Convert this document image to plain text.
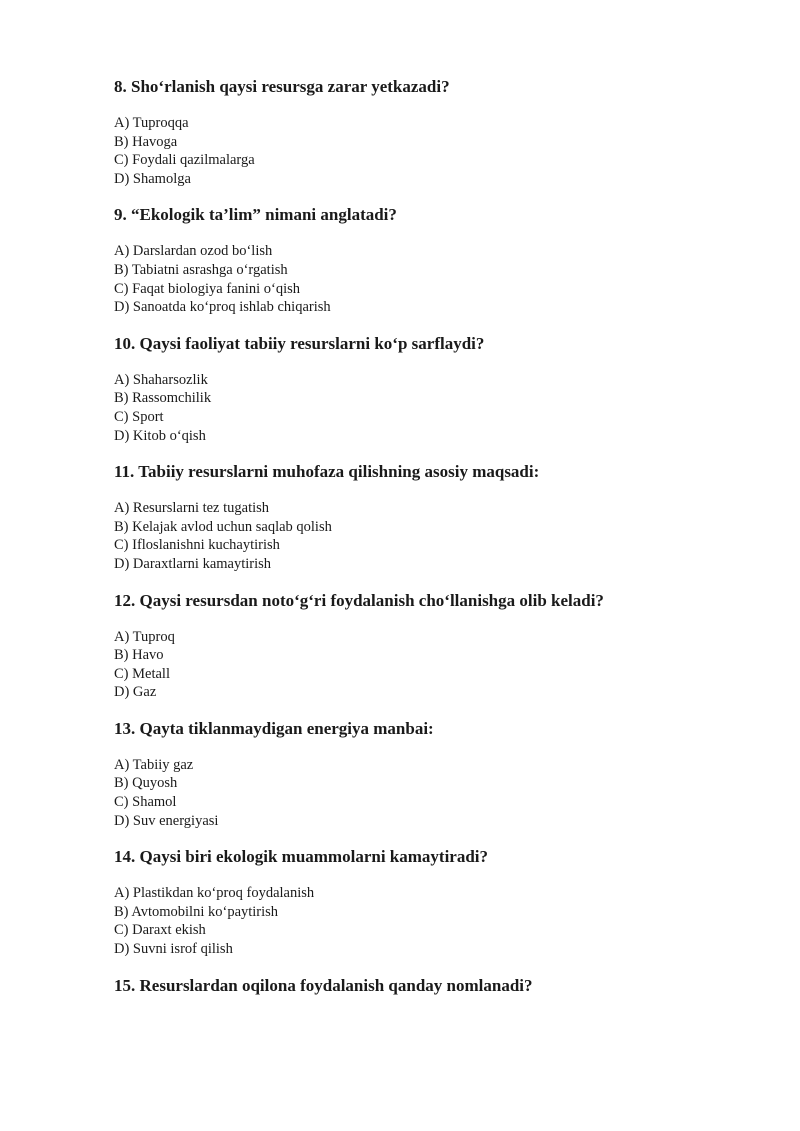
8. Sho‘rlanish qaysi resursga zarar yetkazadi?

A) Tuproqqa
B) Havoga
C) Foydali qazilmalarga
D) Shamolga

9. “Ekologik ta’lim” nimani anglatadi?

A) Darslardan ozod bo‘lish
B) Tabiatni asrashga o‘rgatish
C) Faqat biologiya fanini o‘qish
D) Sanoatda ko‘proq ishlab chiqarish

10. Qaysi faoliyat tabiiy resurslarni ko‘p sarflaydi?

A) Shaharsozlik
B) Rassomchilik
C) Sport
D) Kitob o‘qish

11. Tabiiy resurslarni muhofaza qilishning asosiy maqsadi:

A) Resurslarni tez tugatish
B) Kelajak avlod uchun saqlab qolish
C) Ifloslanishni kuchaytirish
D) Daraxtlarni kamaytirish

12. Qaysi resursdan noto‘g‘ri foydalanish cho‘llanishga olib keladi?

A) Tuproq
B) Havo
C) Metall
D) Gaz

13. Qayta tiklanmaydigan energiya manbai:

A) Tabiiy gaz
B) Quyosh
C) Shamol
D) Suv energiyasi

14. Qaysi biri ekologik muammolarni kamaytiradi?

A) Plastikdan ko‘proq foydalanish
B) Avtomobilni ko‘paytirish
C) Daraxt ekish
D) Suvni isrof qilish

15. Resurslardan oqilona foydalanish qanday nomlanadi?
